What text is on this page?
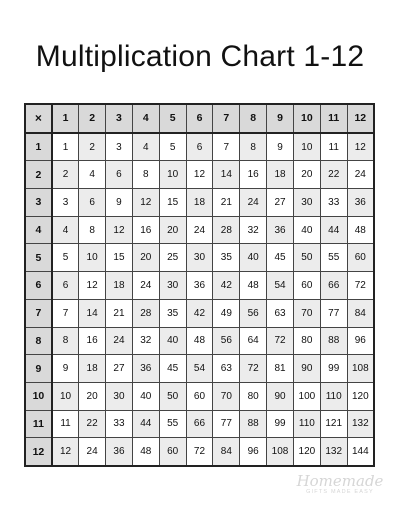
Multiplication Chart 1-12
×	1	2	3	4	5	6	7	8	9	10	11	12
1	1	2	3	4	5	6	7	8	9	10	11	12
2	2	4	6	8	10	12	14	16	18	20	22	24
3	3	6	9	12	15	18	21	24	27	30	33	36
4	4	8	12	16	20	24	28	32	36	40	44	48
5	5	10	15	20	25	30	35	40	45	50	55	60
6	6	12	18	24	30	36	42	48	54	60	66	72
7	7	14	21	28	35	42	49	56	63	70	77	84
8	8	16	24	32	40	48	56	64	72	80	88	96
9	9	18	27	36	45	54	63	72	81	90	99	108
10	10	20	30	40	50	60	70	80	90	100	110	120
11	11	22	33	44	55	66	77	88	99	110	121	132
12	12	24	36	48	60	72	84	96	108	120	132	144
Homemade
GIFTS MADE EASY
